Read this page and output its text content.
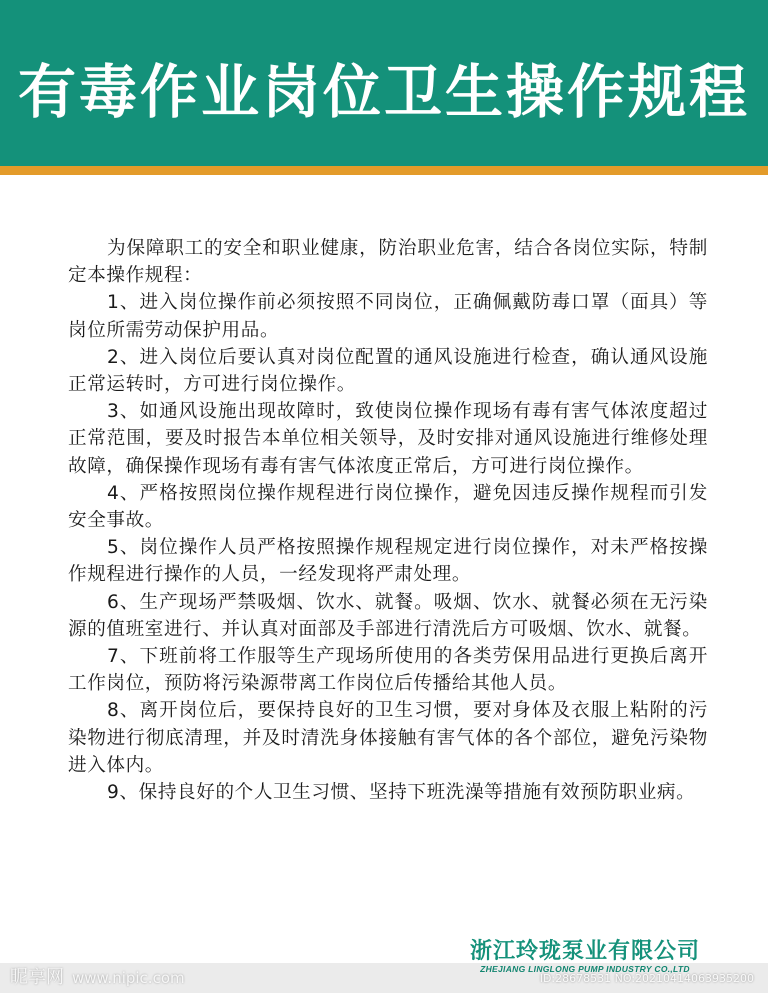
有毒作业岗位卫生操作规程

为保障职工的安全和职业健康，防治职业危害，结合各岗位实际，特制定本操作规程：

1、进入岗位操作前必须按照不同岗位，正确佩戴防毒口罩（面具）等岗位所需劳动保护用品。

2、进入岗位后要认真对岗位配置的通风设施进行检查，确认通风设施正常运转时，方可进行岗位操作。

3、如通风设施出现故障时，致使岗位操作现场有毒有害气体浓度超过正常范围，要及时报告本单位相关领导，及时安排对通风设施进行维修处理故障，确保操作现场有毒有害气体浓度正常后，方可进行岗位操作。

4、严格按照岗位操作规程进行岗位操作，避免因违反操作规程而引发安全事故。

5、岗位操作人员严格按照操作规程规定进行岗位操作，对未严格按操作规程进行操作的人员，一经发现将严肃处理。

6、生产现场严禁吸烟、饮水、就餐。吸烟、饮水、就餐必须在无污染源的值班室进行、并认真对面部及手部进行清洗后方可吸烟、饮水、就餐。

7、下班前将工作服等生产现场所使用的各类劳保用品进行更换后离开工作岗位，预防将污染源带离工作岗位后传播给其他人员。

8、离开岗位后，要保持良好的卫生习惯，要对身体及衣服上粘附的污染物进行彻底清理，并及时清洗身体接触有害气体的各个部位，避免污染物进入体内。

9、保持良好的个人卫生习惯、坚持下班洗澡等措施有效预防职业病。

浙江玲珑泵业有限公司
ZHEJIANG LINGLONG PUMP INDUSTRY CO.,LTD
昵享网 www.nipic.com	ID:28678531 NO:20210414063935200
